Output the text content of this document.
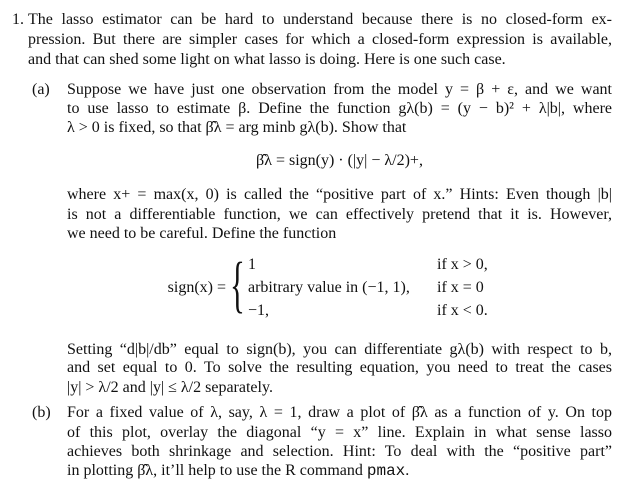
1. The lasso estimator can be hard to understand because there is no closed-form ex-
pression. But there are simpler cases for which a closed-form expression is available,
and that can shed some light on what lasso is doing. Here is one such case.
(a) Suppose we have just one observation from the model y = β + ε, and we want
to use lasso to estimate β. Define the function gλ(b) = (y − b)² + λ|b|, where
λ > 0 is fixed, so that β̂λ = arg minb gλ(b). Show that
β̂λ = sign(y) · (|y| − λ/2)+,
where x+ = max(x, 0) is called the “positive part of x.” Hints: Even though |b|
is not a differentiable function, we can effectively pretend that it is. However,
we need to be careful. Define the function
sign(x) = { 1	if x > 0,
arbitrary value in (−1, 1), if x = 0
−1,	if x < 0.
Setting “d|b|/db” equal to sign(b), you can differentiate gλ(b) with respect to b,
and set equal to 0. To solve the resulting equation, you need to treat the cases
|y| > λ/2 and |y| ≤ λ/2 separately.
(b) For a fixed value of λ, say, λ = 1, draw a plot of β̂λ as a function of y. On top
of this plot, overlay the diagonal “y = x” line. Explain in what sense lasso
achieves both shrinkage and selection. Hint: To deal with the “positive part”
in plotting β̂λ, it’ll help to use the R command pmax.
